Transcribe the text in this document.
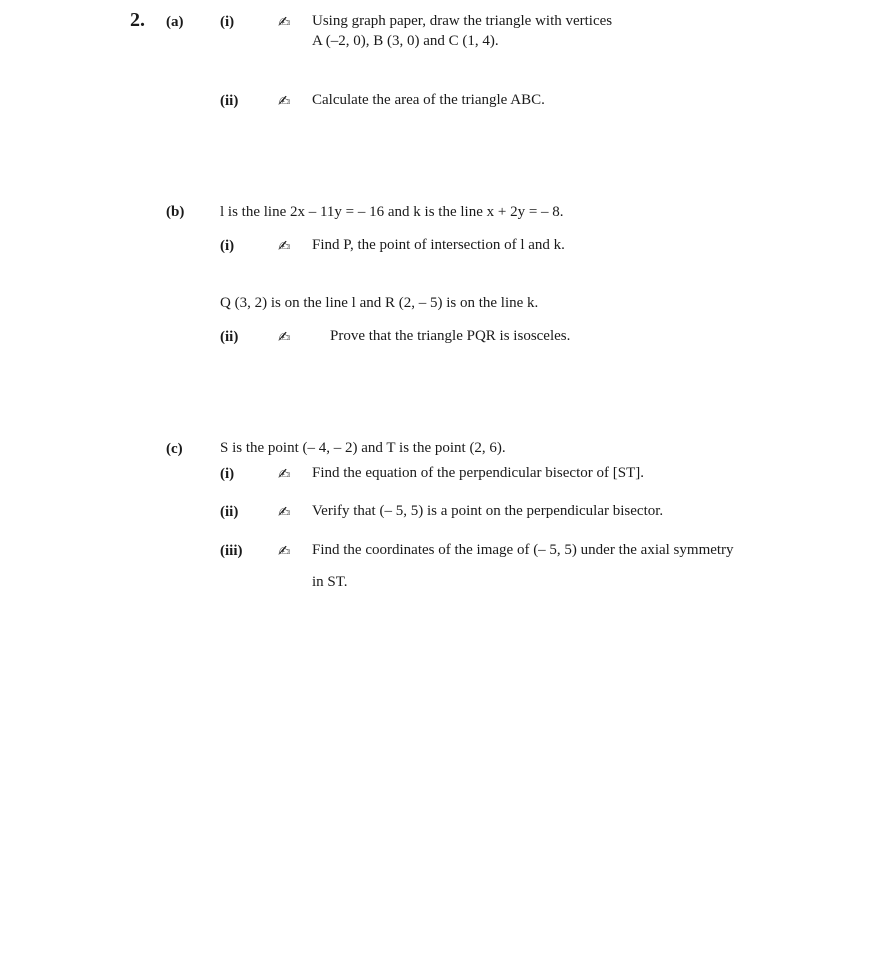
2. (a) (i)	✍ Using graph paper, draw the triangle with vertices
A (–2, 0), B (3, 0) and C (1, 4).
(ii)	✍ Calculate the area of the triangle ABC.
(b) l is the line 2x – 11y = – 16 and k is the line x + 2y = – 8.
(i)	✍ Find P, the point of intersection of l and k.
Q (3, 2) is on the line l and R (2, – 5) is on the line k.
(ii)	✍	Prove that the triangle PQR is isosceles.
(c) S is the point (– 4, – 2) and T is the point (2, 6).
(i)	✍ Find the equation of the perpendicular bisector of [ST].
(ii)	✍ Verify that (– 5, 5) is a point on the perpendicular bisector.
(iii) ✍ Find the coordinates of the image of (– 5, 5) under the axial symmetry
in ST.
